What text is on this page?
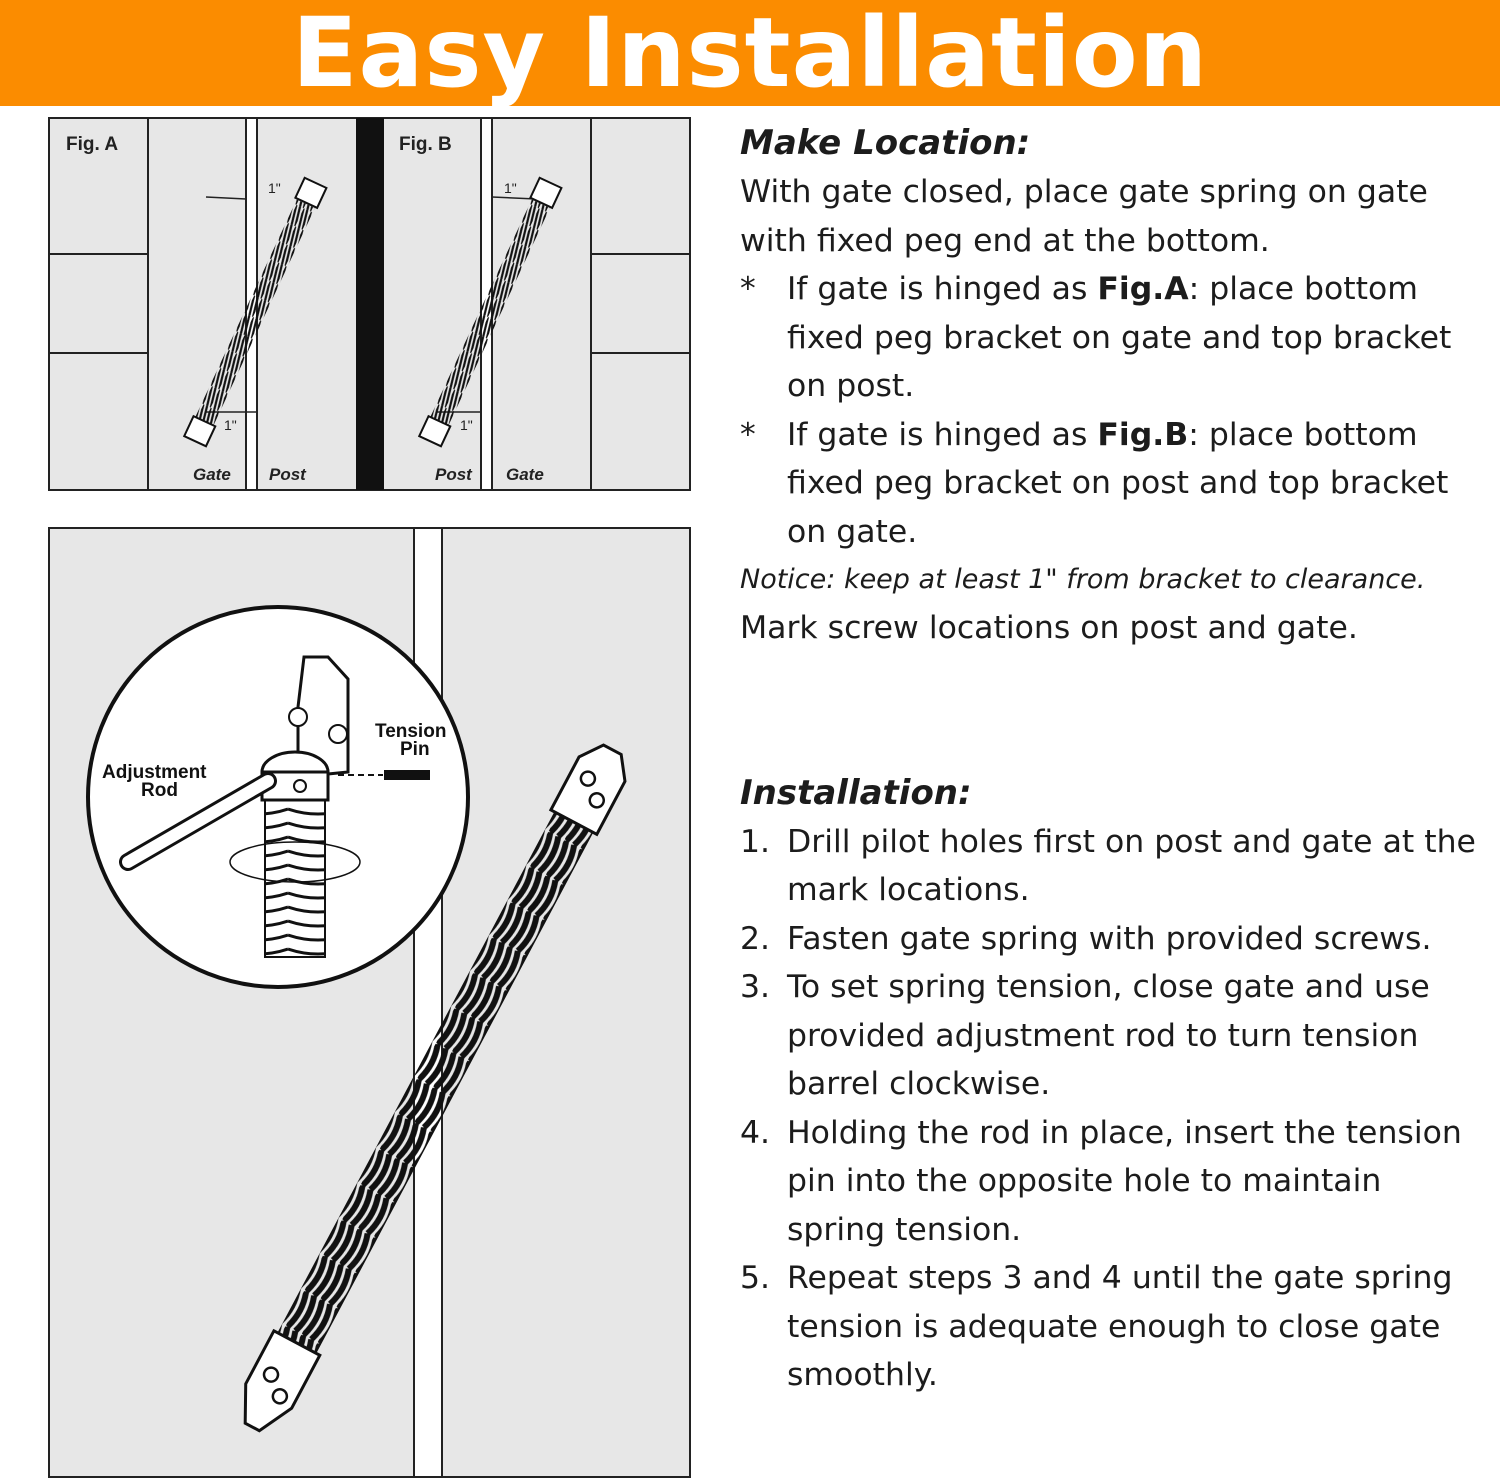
Easy Installation
Fig. A
1"
1"
Gate Post
Fig. B
1"
1"
Post Gate
Adjustment
Rod
Tension
Pin
Make Location:

With gate closed, place gate spring on gate with fixed peg end at the bottom.

* If gate is hinged as Fig.A: place bottom fixed peg bracket on gate and top bracket on post.
* If gate is hinged as Fig.B: place bottom fixed peg bracket on post and top bracket on gate.
Notice: keep at least 1" from bracket to clearance.

Mark screw locations on post and gate.

Installation:
1. Drill pilot holes first on post and gate at the mark locations.
2. Fasten gate spring with provided screws.
3. To set spring tension, close gate and use provided adjustment rod to turn tension barrel clockwise.
4. Holding the rod in place, insert the tension pin into the opposite hole to maintain spring tension.
5. Repeat steps 3 and 4 until the gate spring tension is adequate enough to close gate smoothly.
